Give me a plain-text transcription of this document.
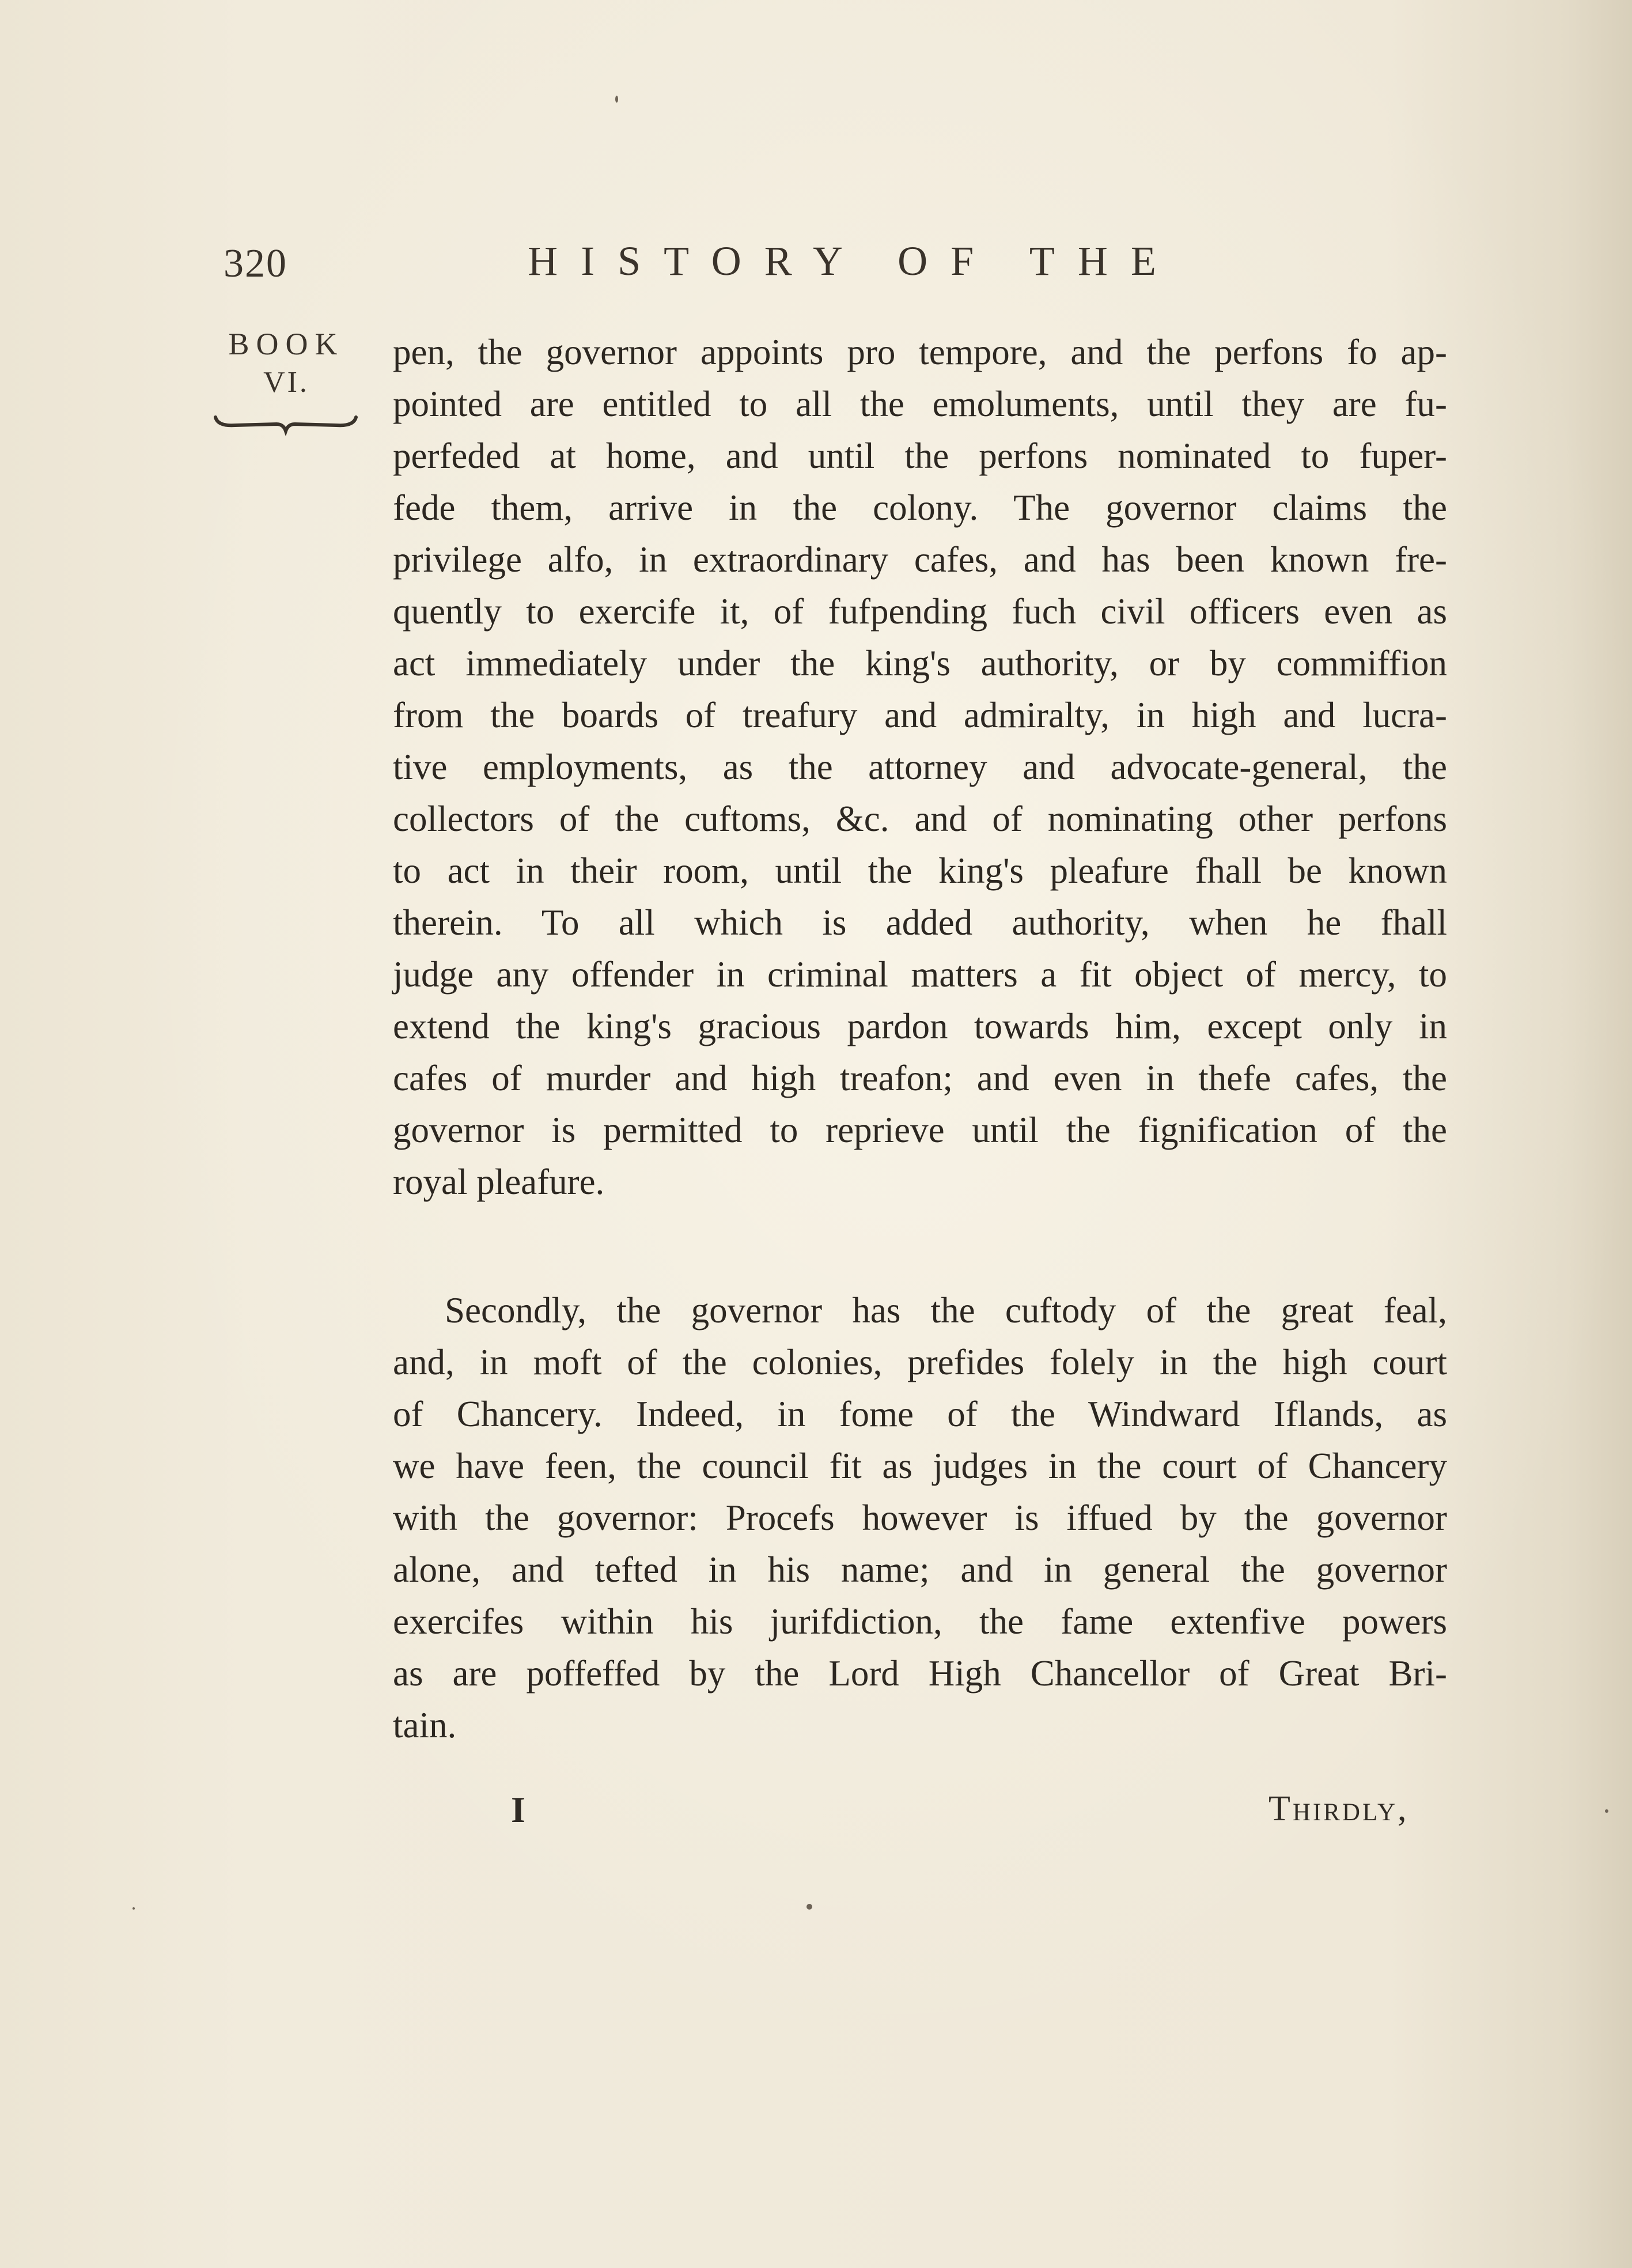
320	HISTORY OF THE
BOOK
VI.
pen, the governor appoints pro tempore, and the perfons fo ap-
pointed are entitled to all the emoluments, until they are fu-
perfeded at home, and until the perfons nominated to fuper-
fede them, arrive in the colony. The governor claims the
privilege alfo, in extraordinary cafes, and has been known fre-
quently to exercife it, of fufpending fuch civil officers even as
act immediately under the king's authority, or by commiffion
from the boards of treafury and admiralty, in high and lucra-
tive employments, as the attorney and advocate-general, the
collectors of the cuftoms, &c. and of nominating other perfons
to act in their room, until the king's pleafure fhall be known
therein. To all which is added authority, when he fhall
judge any offender in criminal matters a fit object of mercy, to
extend the king's gracious pardon towards him, except only in
cafes of murder and high treafon; and even in thefe cafes, the
governor is permitted to reprieve until the fignification of the
royal pleafure.
Secondly, the governor has the cuftody of the great feal,
and, in moft of the colonies, prefides folely in the high court
of Chancery. Indeed, in fome of the Windward Iflands, as
we have feen, the council fit as judges in the court of Chancery
with the governor: Procefs however is iffued by the governor
alone, and tefted in his name; and in general the governor
exercifes within his jurifdiction, the fame extenfive powers
as are poffeffed by the Lord High Chancellor of Great Bri-
tain.
I	Thirdly,
